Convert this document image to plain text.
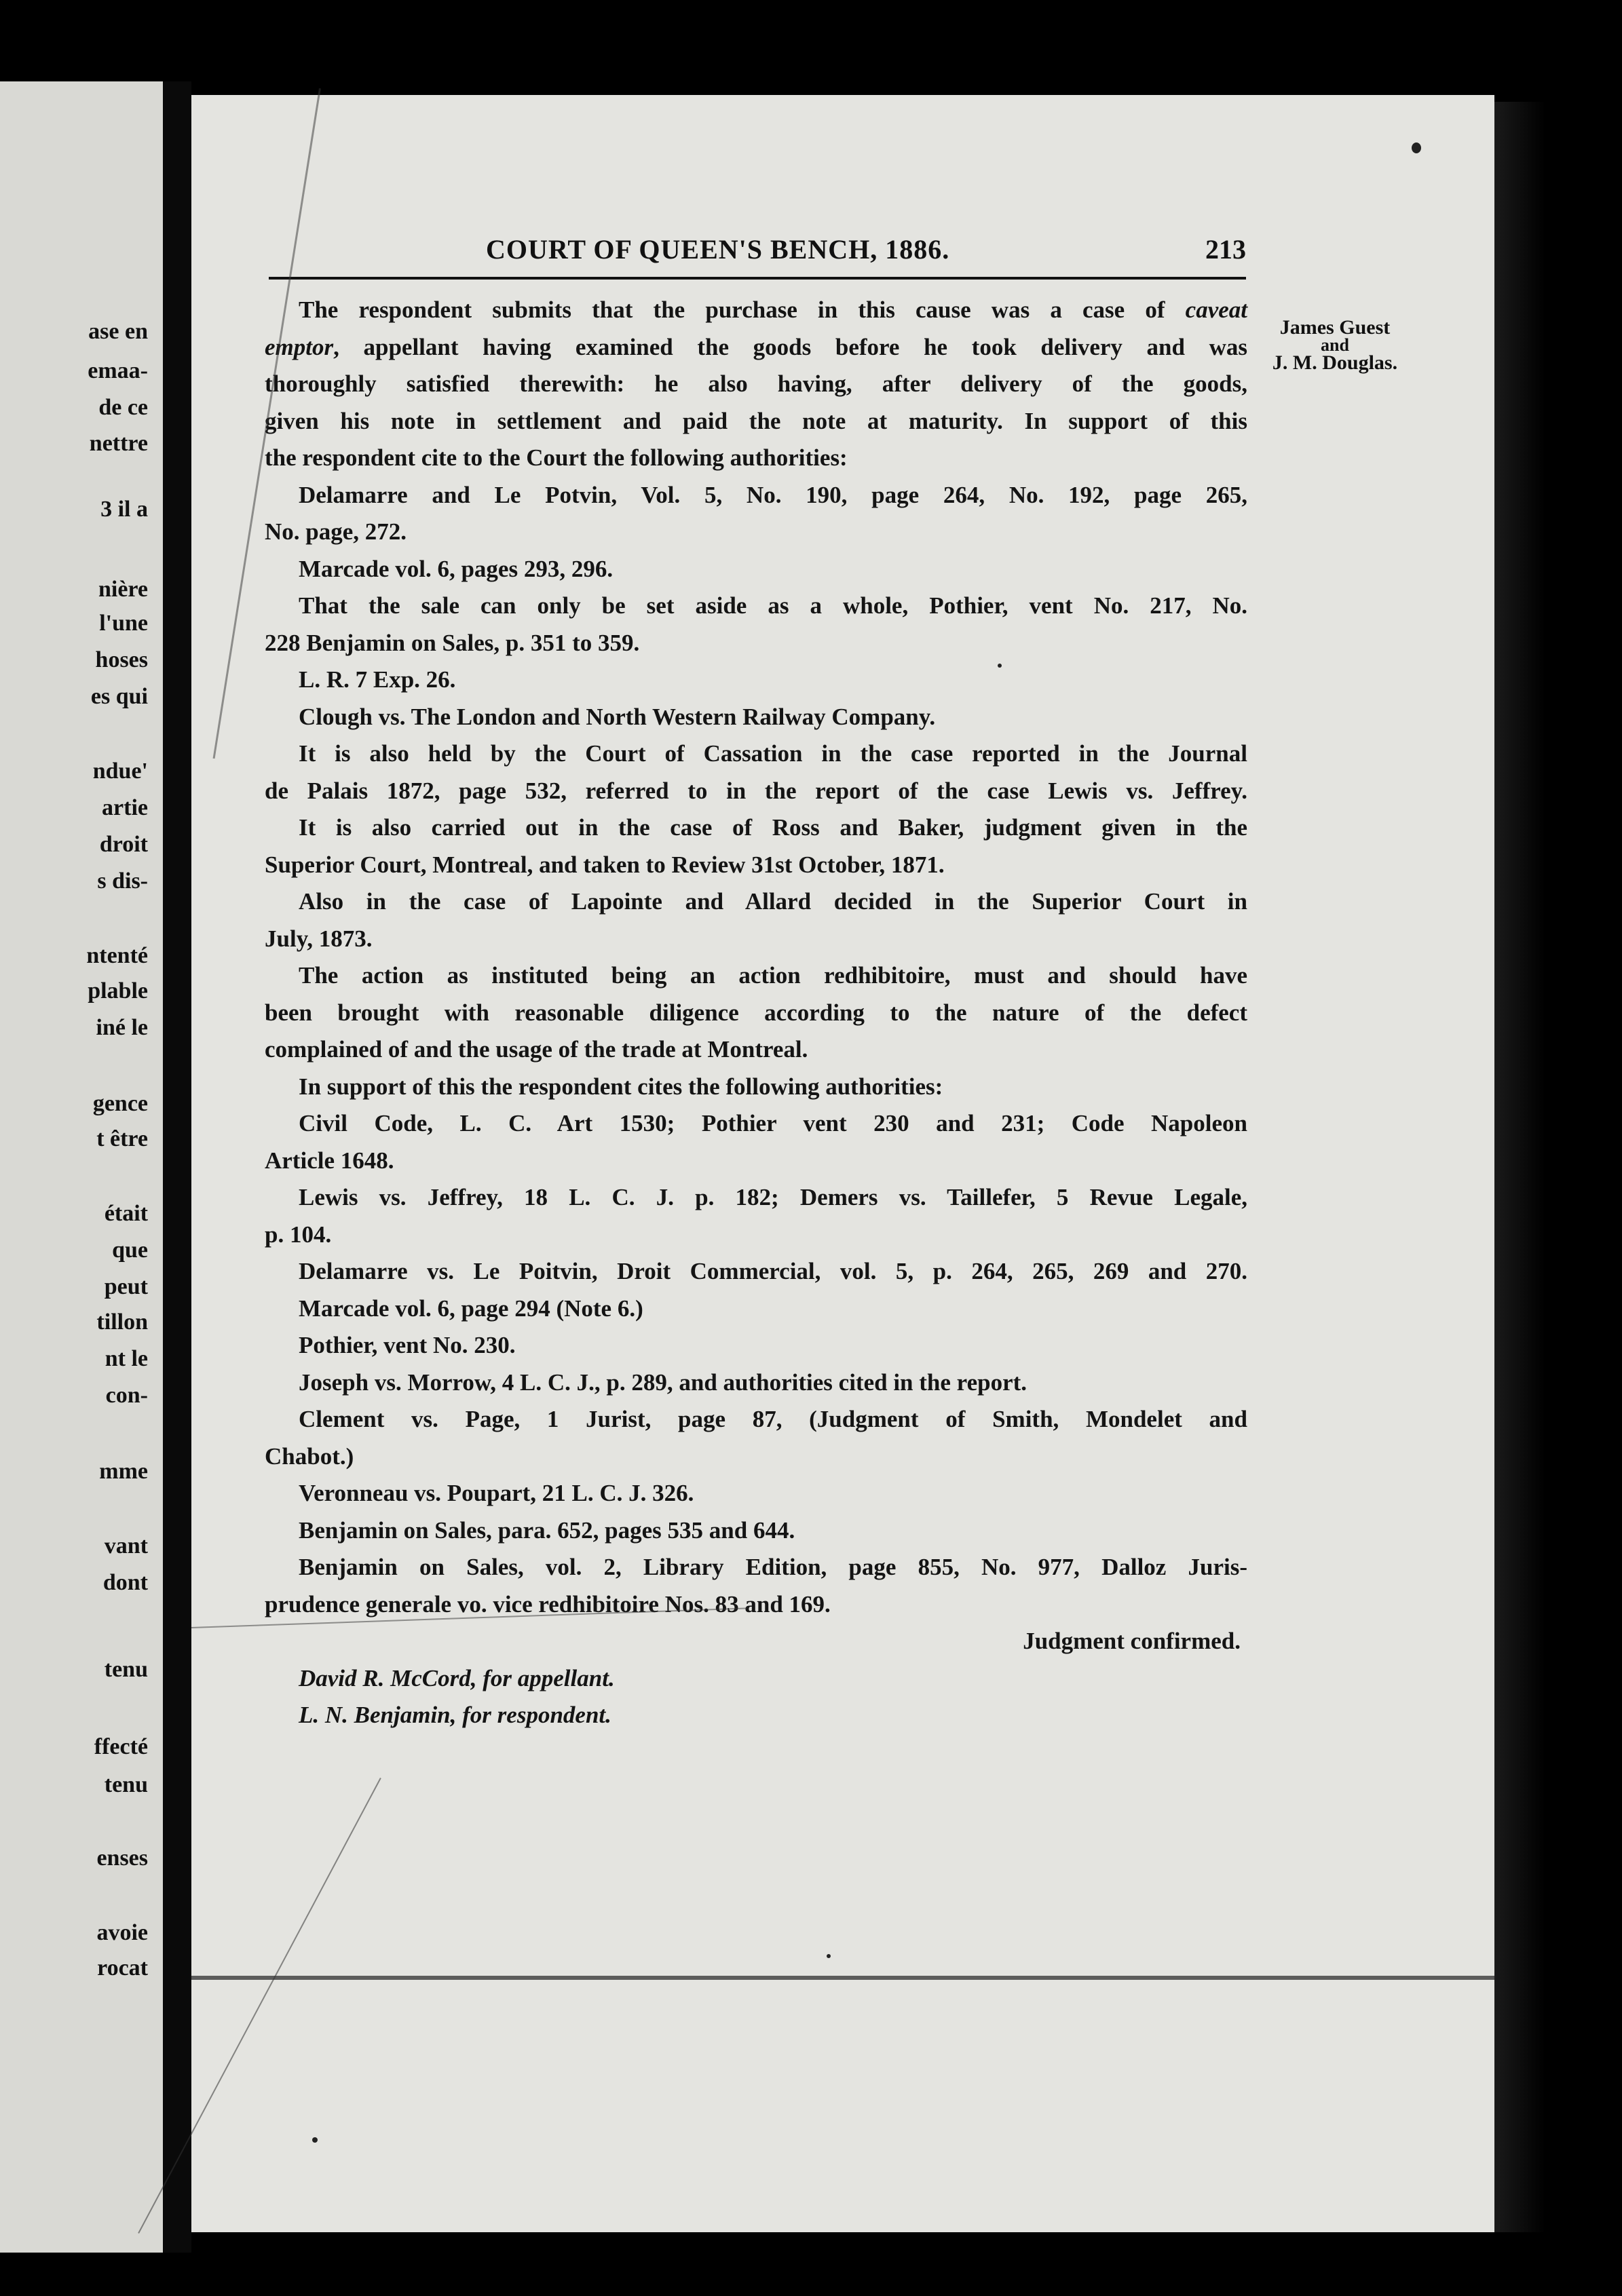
ase en
emaa-
de ce
nettre
3 il a
nière
l'une
hoses
es qui
ndue'
artie
droit
s dis-
ntenté
plable
iné le
gence
t être
était
que
peut
tillon
nt le
con-
mme
vant
dont
tenu
ffecté
tenu
enses
avoie
rocat
COURT OF QUEEN'S BENCH, 1886.	213
James Guest
and
J. M. Douglas.
The respondent submits that the purchase in this cause was a case of caveat
emptor, appellant having examined the goods before he took delivery and was
thoroughly satisfied therewith: he also having, after delivery of the goods,
given his note in settlement and paid the note at maturity. In support of this
the respondent cite to the Court the following authorities:
Delamarre and Le Potvin, Vol. 5, No. 190, page 264, No. 192, page 265,
No. page, 272.
Marcade vol. 6, pages 293, 296.
That the sale can only be set aside as a whole, Pothier, vent No. 217, No.
228 Benjamin on Sales, p. 351 to 359.
L. R. 7 Exp. 26.
Clough vs. The London and North Western Railway Company.
It is also held by the Court of Cassation in the case reported in the Journal
de Palais 1872, page 532, referred to in the report of the case Lewis vs. Jeffrey.
It is also carried out in the case of Ross and Baker, judgment given in the
Superior Court, Montreal, and taken to Review 31st October, 1871.
Also in the case of Lapointe and Allard decided in the Superior Court in
July, 1873.
The action as instituted being an action redhibitoire, must and should have
been brought with reasonable diligence according to the nature of the defect
complained of and the usage of the trade at Montreal.
In support of this the respondent cites the following authorities:
Civil Code, L. C. Art 1530; Pothier vent 230 and 231; Code Napoleon
Article 1648.
Lewis vs. Jeffrey, 18 L. C. J. p. 182; Demers vs. Taillefer, 5 Revue Legale,
p. 104.
Delamarre vs. Le Poitvin, Droit Commercial, vol. 5, p. 264, 265, 269 and 270.
Marcade vol. 6, page 294 (Note 6.)
Pothier, vent No. 230.
Joseph vs. Morrow, 4 L. C. J., p. 289, and authorities cited in the report.
Clement vs. Page, 1 Jurist, page 87, (Judgment of Smith, Mondelet and
Chabot.)
Veronneau vs. Poupart, 21 L. C. J. 326.
Benjamin on Sales, para. 652, pages 535 and 644.
Benjamin on Sales, vol. 2, Library Edition, page 855, No. 977, Dalloz Juris-
prudence generale vo. vice redhibitoire Nos. 83 and 169.
Judgment confirmed.
David R. McCord, for appellant.
L. N. Benjamin, for respondent.
